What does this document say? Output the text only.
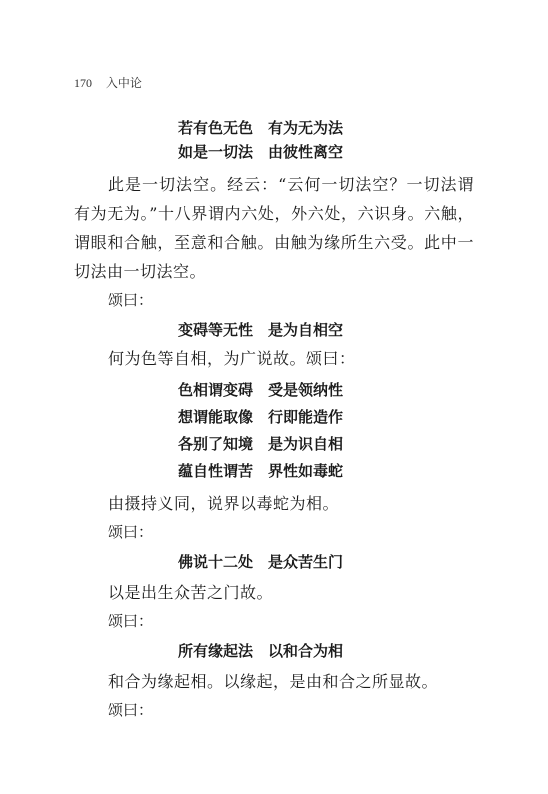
170 入中论
若有色无色　有为无为法
如是一切法　由彼性离空

此是一切法空。经云：“云何一切法空？一切法谓有为无为。”十八界谓内六处，外六处，六识身。六触，谓眼和合触，至意和合触。由触为缘所生六受。此中一切法由一切法空。

颂曰：
变碍等无性　是为自相空

何为色等自相，为广说故。颂曰：

色相谓变碍　受是领纳性
想谓能取像　行即能造作
各别了知境　是为识自相
蕴自性谓苦　界性如毒蛇

由摄持义同，说界以毒蛇为相。

颂曰：
佛说十二处　是众苦生门

以是出生众苦之门故。

颂曰：
所有缘起法　以和合为相

和合为缘起相。以缘起，是由和合之所显故。

颂曰：
